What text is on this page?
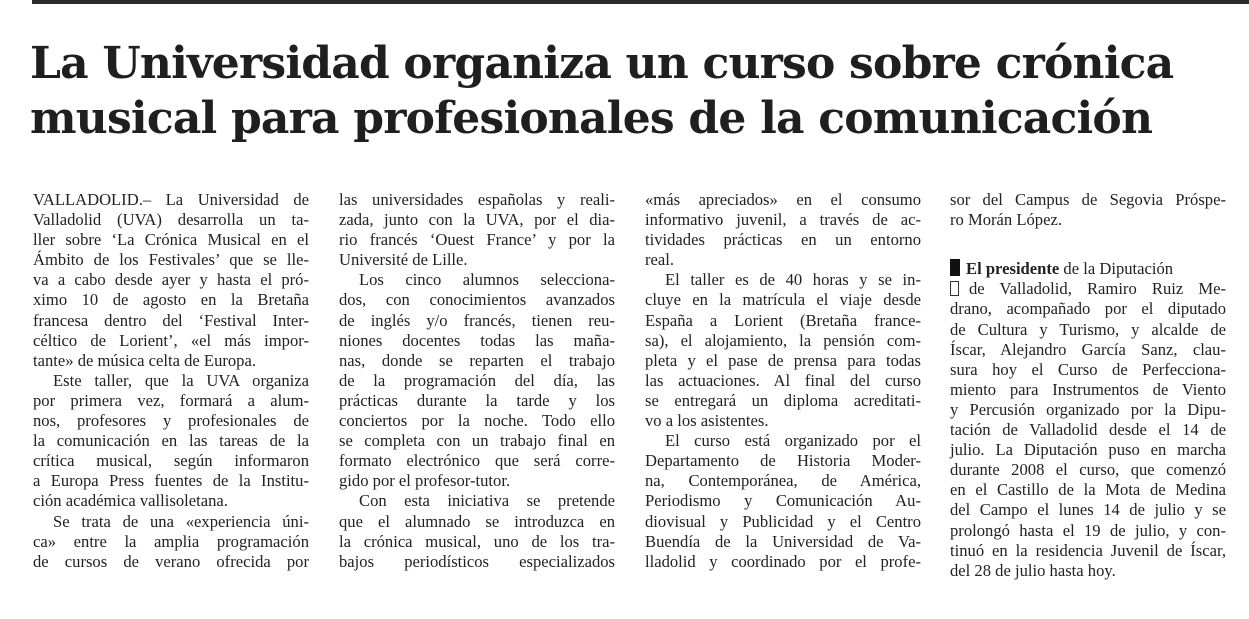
La Universidad organiza un curso sobre crónica
musical para profesionales de la comunicación

VALLADOLID.– La Universidad de

Valladolid (UVA) desarrolla un ta-

ller sobre ‘La Crónica Musical en el

Ámbito de los Festivales’ que se lle-

va a cabo desde ayer y hasta el pró-

ximo 10 de agosto en la Bretaña

francesa dentro del ‘Festival Inter-

céltico de Lorient’, «el más impor-

tante» de música celta de Europa.

Este taller, que la UVA organiza

por primera vez, formará a alum-

nos, profesores y profesionales de

la comunicación en las tareas de la

crítica musical, según informaron

a Europa Press fuentes de la Institu-

ción académica vallisoletana.

Se trata de una «experiencia úni-

ca» entre la amplia programación

de cursos de verano ofrecida por

las universidades españolas y reali-

zada, junto con la UVA, por el dia-

rio francés ‘Ouest France’ y por la

Université de Lille.

Los cinco alumnos selecciona-

dos, con conocimientos avanzados

de inglés y/o francés, tienen reu-

niones docentes todas las maña-

nas, donde se reparten el trabajo

de la programación del día, las

prácticas durante la tarde y los

conciertos por la noche. Todo ello

se completa con un trabajo final en

formato electrónico que será corre-

gido por el profesor-tutor.

Con esta iniciativa se pretende

que el alumnado se introduzca en

la crónica musical, uno de los tra-

bajos periodísticos especializados

«más apreciados» en el consumo

informativo juvenil, a través de ac-

tividades prácticas en un entorno

real.

El taller es de 40 horas y se in-

cluye en la matrícula el viaje desde

España a Lorient (Bretaña france-

sa), el alojamiento, la pensión com-

pleta y el pase de prensa para todas

las actuaciones. Al final del curso

se entregará un diploma acreditati-

vo a los asistentes.

El curso está organizado por el

Departamento de Historia Moder-

na, Contemporánea, de América,

Periodismo y Comunicación Au-

diovisual y Publicidad y el Centro

Buendía de la Universidad de Va-

lladolid y coordinado por el profe-

sor del Campus de Segovia Próspe-

ro Morán López.

El presidente de la Diputación

de Valladolid, Ramiro Ruiz Me-

drano, acompañado por el diputado

de Cultura y Turismo, y alcalde de

Íscar, Alejandro García Sanz, clau-

sura hoy el Curso de Perfecciona-

miento para Instrumentos de Viento

y Percusión organizado por la Dipu-

tación de Valladolid desde el 14 de

julio. La Diputación puso en marcha

durante 2008 el curso, que comenzó

en el Castillo de la Mota de Medina

del Campo el lunes 14 de julio y se

prolongó hasta el 19 de julio, y con-

tinuó en la residencia Juvenil de Íscar,

del 28 de julio hasta hoy.
